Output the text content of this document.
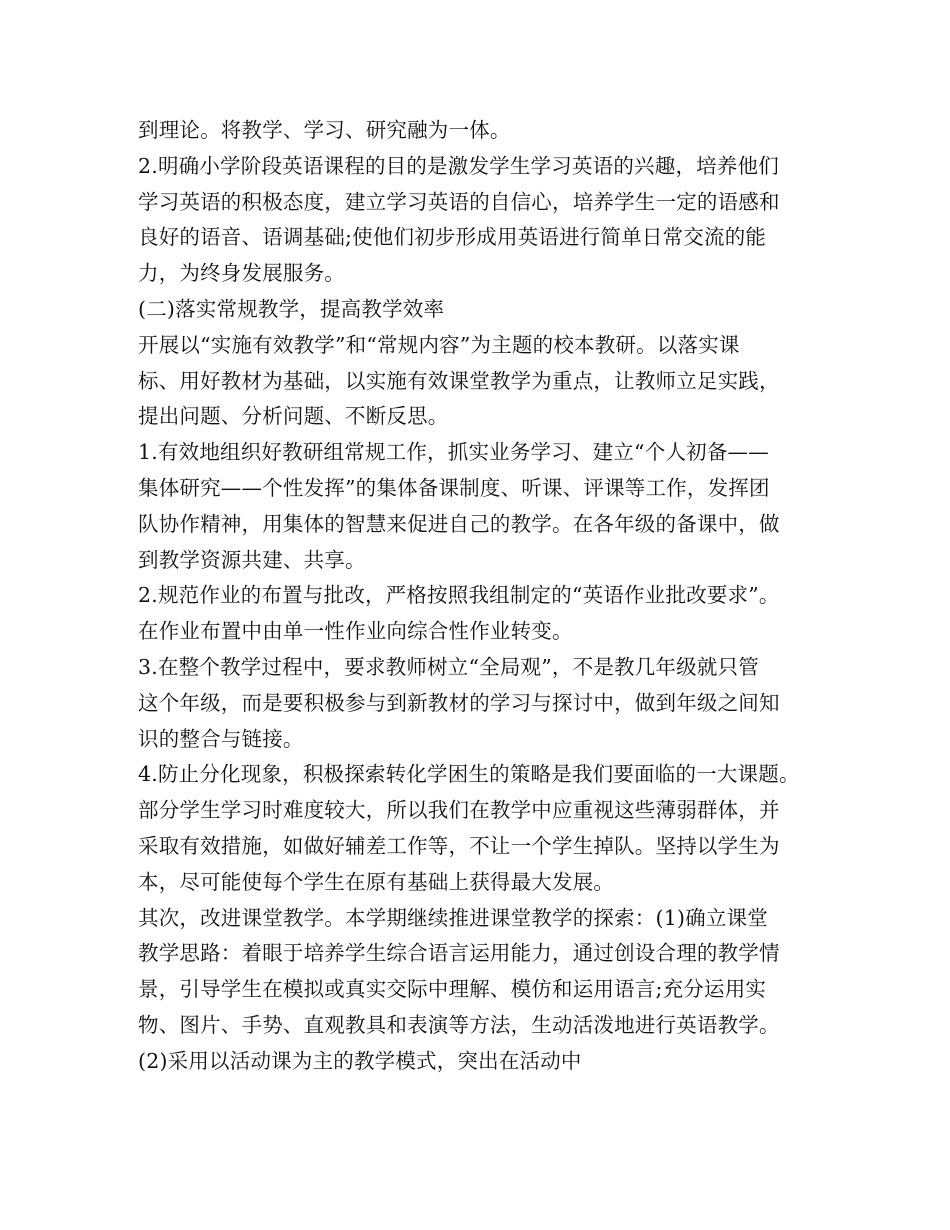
到理论。将教学、学习、研究融为一体。
2.明确小学阶段英语课程的目的是激发学生学习英语的兴趣，培养他们
学习英语的积极态度，建立学习英语的自信心，培养学生一定的语感和
良好的语音、语调基础;使他们初步形成用英语进行简单日常交流的能
力，为终身发展服务。
(二)落实常规教学，提高教学效率
开展以“实施有效教学”和“常规内容”为主题的校本教研。以落实课
标、用好教材为基础，以实施有效课堂教学为重点，让教师立足实践，
提出问题、分析问题、不断反思。
1.有效地组织好教研组常规工作，抓实业务学习、建立“个人初备——
集体研究——个性发挥”的集体备课制度、听课、评课等工作，发挥团
队协作精神，用集体的智慧来促进自己的教学。在各年级的备课中，做
到教学资源共建、共享。
2.规范作业的布置与批改，严格按照我组制定的“英语作业批改要求”。
在作业布置中由单一性作业向综合性作业转变。
3.在整个教学过程中，要求教师树立“全局观”，不是教几年级就只管
这个年级，而是要积极参与到新教材的学习与探讨中，做到年级之间知
识的整合与链接。
4.防止分化现象，积极探索转化学困生的策略是我们要面临的一大课题。
部分学生学习时难度较大，所以我们在教学中应重视这些薄弱群体，并
采取有效措施，如做好辅差工作等，不让一个学生掉队。坚持以学生为
本，尽可能使每个学生在原有基础上获得最大发展。
其次，改进课堂教学。本学期继续推进课堂教学的探索：(1)确立课堂
教学思路：着眼于培养学生综合语言运用能力，通过创设合理的教学情
景，引导学生在模拟或真实交际中理解、模仿和运用语言;充分运用实
物、图片、手势、直观教具和表演等方法，生动活泼地进行英语教学。
(2)采用以活动课为主的教学模式，突出在活动中
